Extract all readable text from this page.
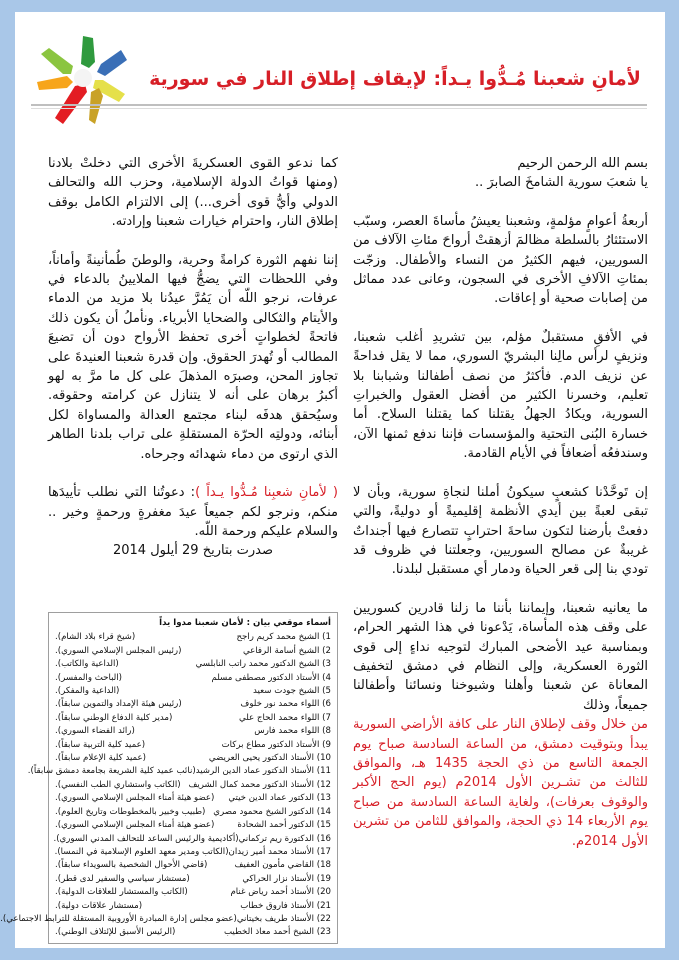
لأمانِ شعبنا مُـدُّوا يـداً: لإيقاف إطلاق النار في سورية
بسم الله الرحمن الرحيم

يا شعبَ سورية الشامخَ الصابرَ ..

أربعةُ أعوامٍ مؤلمةٍ، وشعبنا يعيشُ مأساةَ العصر، وسبّب الاستئثارُ بالسلطة مظالمَ أزهقتْ أرواحَ مئاتِ الآلاف من السوريين، فيهم الكثيرُ من النساء والأطفال. وزجّت بمئاتِ الآلافِ الأخرى في السجون، وعانى عدد مماثل من إصابات صحية أو إعاقات.

في الأفقِ مستقبلٌ مؤلم، بين تشريدِ أغلب شعبنا، ونزيفٍ لرأس مالِنا البشريّ السوري، مما لا يقل فداحةً عن نزيف الدم. فأكثرُ من نصف أطفالنا وشبابنا بلا تعليم، وخسرنا الكثير من أفضل العقول والخبراتِ السورية، ويكادُ الجهلُ يقتلنا كما يقتلنا السلاح. أما خسارة البُنى التحتية والمؤسسات فإننا ندفع ثمنها الآن، وسندفعُه أضعافاً في الأيام القادمة.

إن تَوحَّدْنا كشعبٍ سيكونُ أملنا لنجاةِ سورية، وبأن لا تبقى لعبةً بين أيدي الأنظمة إقليميةً أو دوليةً، والتي دفعتْ بأرضنا لتكون ساحةَ احترابٍ تتصارع فيها أجنداتٌ غريبةٌ عن مصالح السوريين، وجعلتنا في ظروف قد تودي بنا إلى قعر الحياة ودمار أي مستقبل لبلدنا.

ما يعانيه شعبنا، وإيماننا بأننا ما زلنا قادرين كسوريين على وقف هذه المأساة، يَدْعونا في هذا الشهر الحرام، وبمناسبة عيد الأضحى المبارك لتوجيه نداءٍ إلى قوى الثورة العسكرية، وإلى النظام في دمشق لتخفيف المعاناة عن شعبنا وأهلنا وشيوخنا ونسائنا وأطفالنا جميعاً، وذلك

من خلال وقف لإطلاق النار على كافة الأراضي السورية يبدأ وبتوقيت دمشق، من الساعة السادسة صباح يوم الجمعة التاسع من ذي الحجة 1435 هـ، والموافق للثالث من تشـرين الأول 2014م (يوم الحج الأكبر والوقوف بعرفات)، ولغاية الساعة السادسة من صباح يوم الأربعاء 14 ذي الحجة، والموافق للثامن من تشرين الأول 2014م.

كما ندعو القوى العسكريةَ الأخرى التي دخلتْ بلادنا (ومنها قواتُ الدولة الإسلامية، وحزب الله والتحالف الدولي وأيُّ قوى أخرى...) إلى الالتزام الكامل بوقف إطلاق النار، واحترام خيارات شعبنا وإرادته.

إننا نفهم الثورة كرامةً وحرية، والوطنَ طُمأنينةً وأماناً، وفي اللحظات التي يضجُّ فيها الملايينُ بالدعاء في عرفات، نرجو اللّه أن يَمُرَّ عيدُنا بلا مزيد من الدماء والأيتام والثكالى والضحايا الأبرياء. ونأملُ أن يكون ذلك فاتحةً لخطواتٍ أخرى تحفظ الأرواح دون أن تضيعَ المطالب أو تُهدرَ الحقوق. وإن قدرة شعبنا العنيدةَ على تجاوز المحن، وصبرَه المذهلَ على كل ما مرَّ به لهو أكبرُ برهان على أنه لا يتنازل عن كرامته وحقوقه. وسيُحقق هدفَه لبناء مجتمع العدالة والمساواة لكل أبنائه، ودولتِه الحرّة المستقلةِ على تراب بلدنا الطاهر الذي ارتوى من دماء شهدائه وجرحاه.

( لأمانِ شعبِنا مُـدُّوا يـداً ): دعوتُنا التي نطلب تأييدَها منكم، ونرجو لكم جميعاً عيدَ مغفرةٍ ورحمةٍ وخير .. والسلام عليكم ورحمة اللّه.
صدرت بتاريخ 29 أيلول 2014
أسماء موقعي بيان : لأمان شعبنا مدوا يداً
1) الشيخ محمد كريم راجح
(شيخ قراء بلاد الشام).
2) الشيخ أسامة الرفاعي
(رئيس المجلس الإسلامي السوري).
3) الشيخ الدكتور محمد راتب النابلسي
(الداعية والكاتب).
4) الأستاذ الدكتور مصطفى مسلم
(الباحث والمفسر).
5) الشيخ جودت سعيد
(الداعية والمفكر).
6) اللواء محمد نور خلوف
(رئيس هيئة الإمداد والتموين سابقاً).
7) اللواء محمد الحاج علي
(مدير كلية الدفاع الوطني سابقاً).
8) اللواء محمد فارس
(رائد الفضاء السوري).
9) الأستاذ الدكتور مطاع بركات
(عميد كلية التربية سابقاً).
10) الأستاذ الدكتور يحيى العريضي
(عميد كلية الإعلام سابقاً).
11) الأستاذ الدكتور عماد الدين الرشيد
(نائب عميد كلية الشريعة بجامعة دمشق سابقاً).
12) الأستاذ الدكتور محمد كمال الشريف
(الكاتب واستشاري الطب النفسي).
13) الدكتور عماد الدين خيتي
(عضو هيئة أمناء المجلس الإسلامي السوري).
14) الدكتور الشيخ محمود مصري
(طبيب وخبير بالمخطوطات وتاريخ العلوم).
15) الدكتور أحمد الشحادة
(عضو هيئة أمناء المجلس الإسلامي السوري).
16) الدكتورة ريم تركماني
(أكاديمية والرئيس الساعد للتحالف المدني السوري).
17) الأستاذ محمد أمير زيدان
(الكاتب ومدير معهد العلوم الإسلامية في النمسا).
18) القاضي مأمون العفيف
(قاضي الأحوال الشخصية بالسويداء سابقاً).
19) الأستاذ نزار الحراكي
(مستشار سياسي والسفير لدى قطر).
20) الأستاذ أحمد رياض غنام
(الكاتب والمستشار للعلاقات الدولية).
21) الأستاذ فاروق خطاب
(مستشار علاقات دولية).
22) الأستاذ طريف بخيتاني
(عضو مجلس إدارة المبادرة الأوروبية المستقلة للترابط الاجتماعي).
23) الشيخ أحمد معاذ الخطيب
(الرئيس الأسبق للإئتلاف الوطني).
